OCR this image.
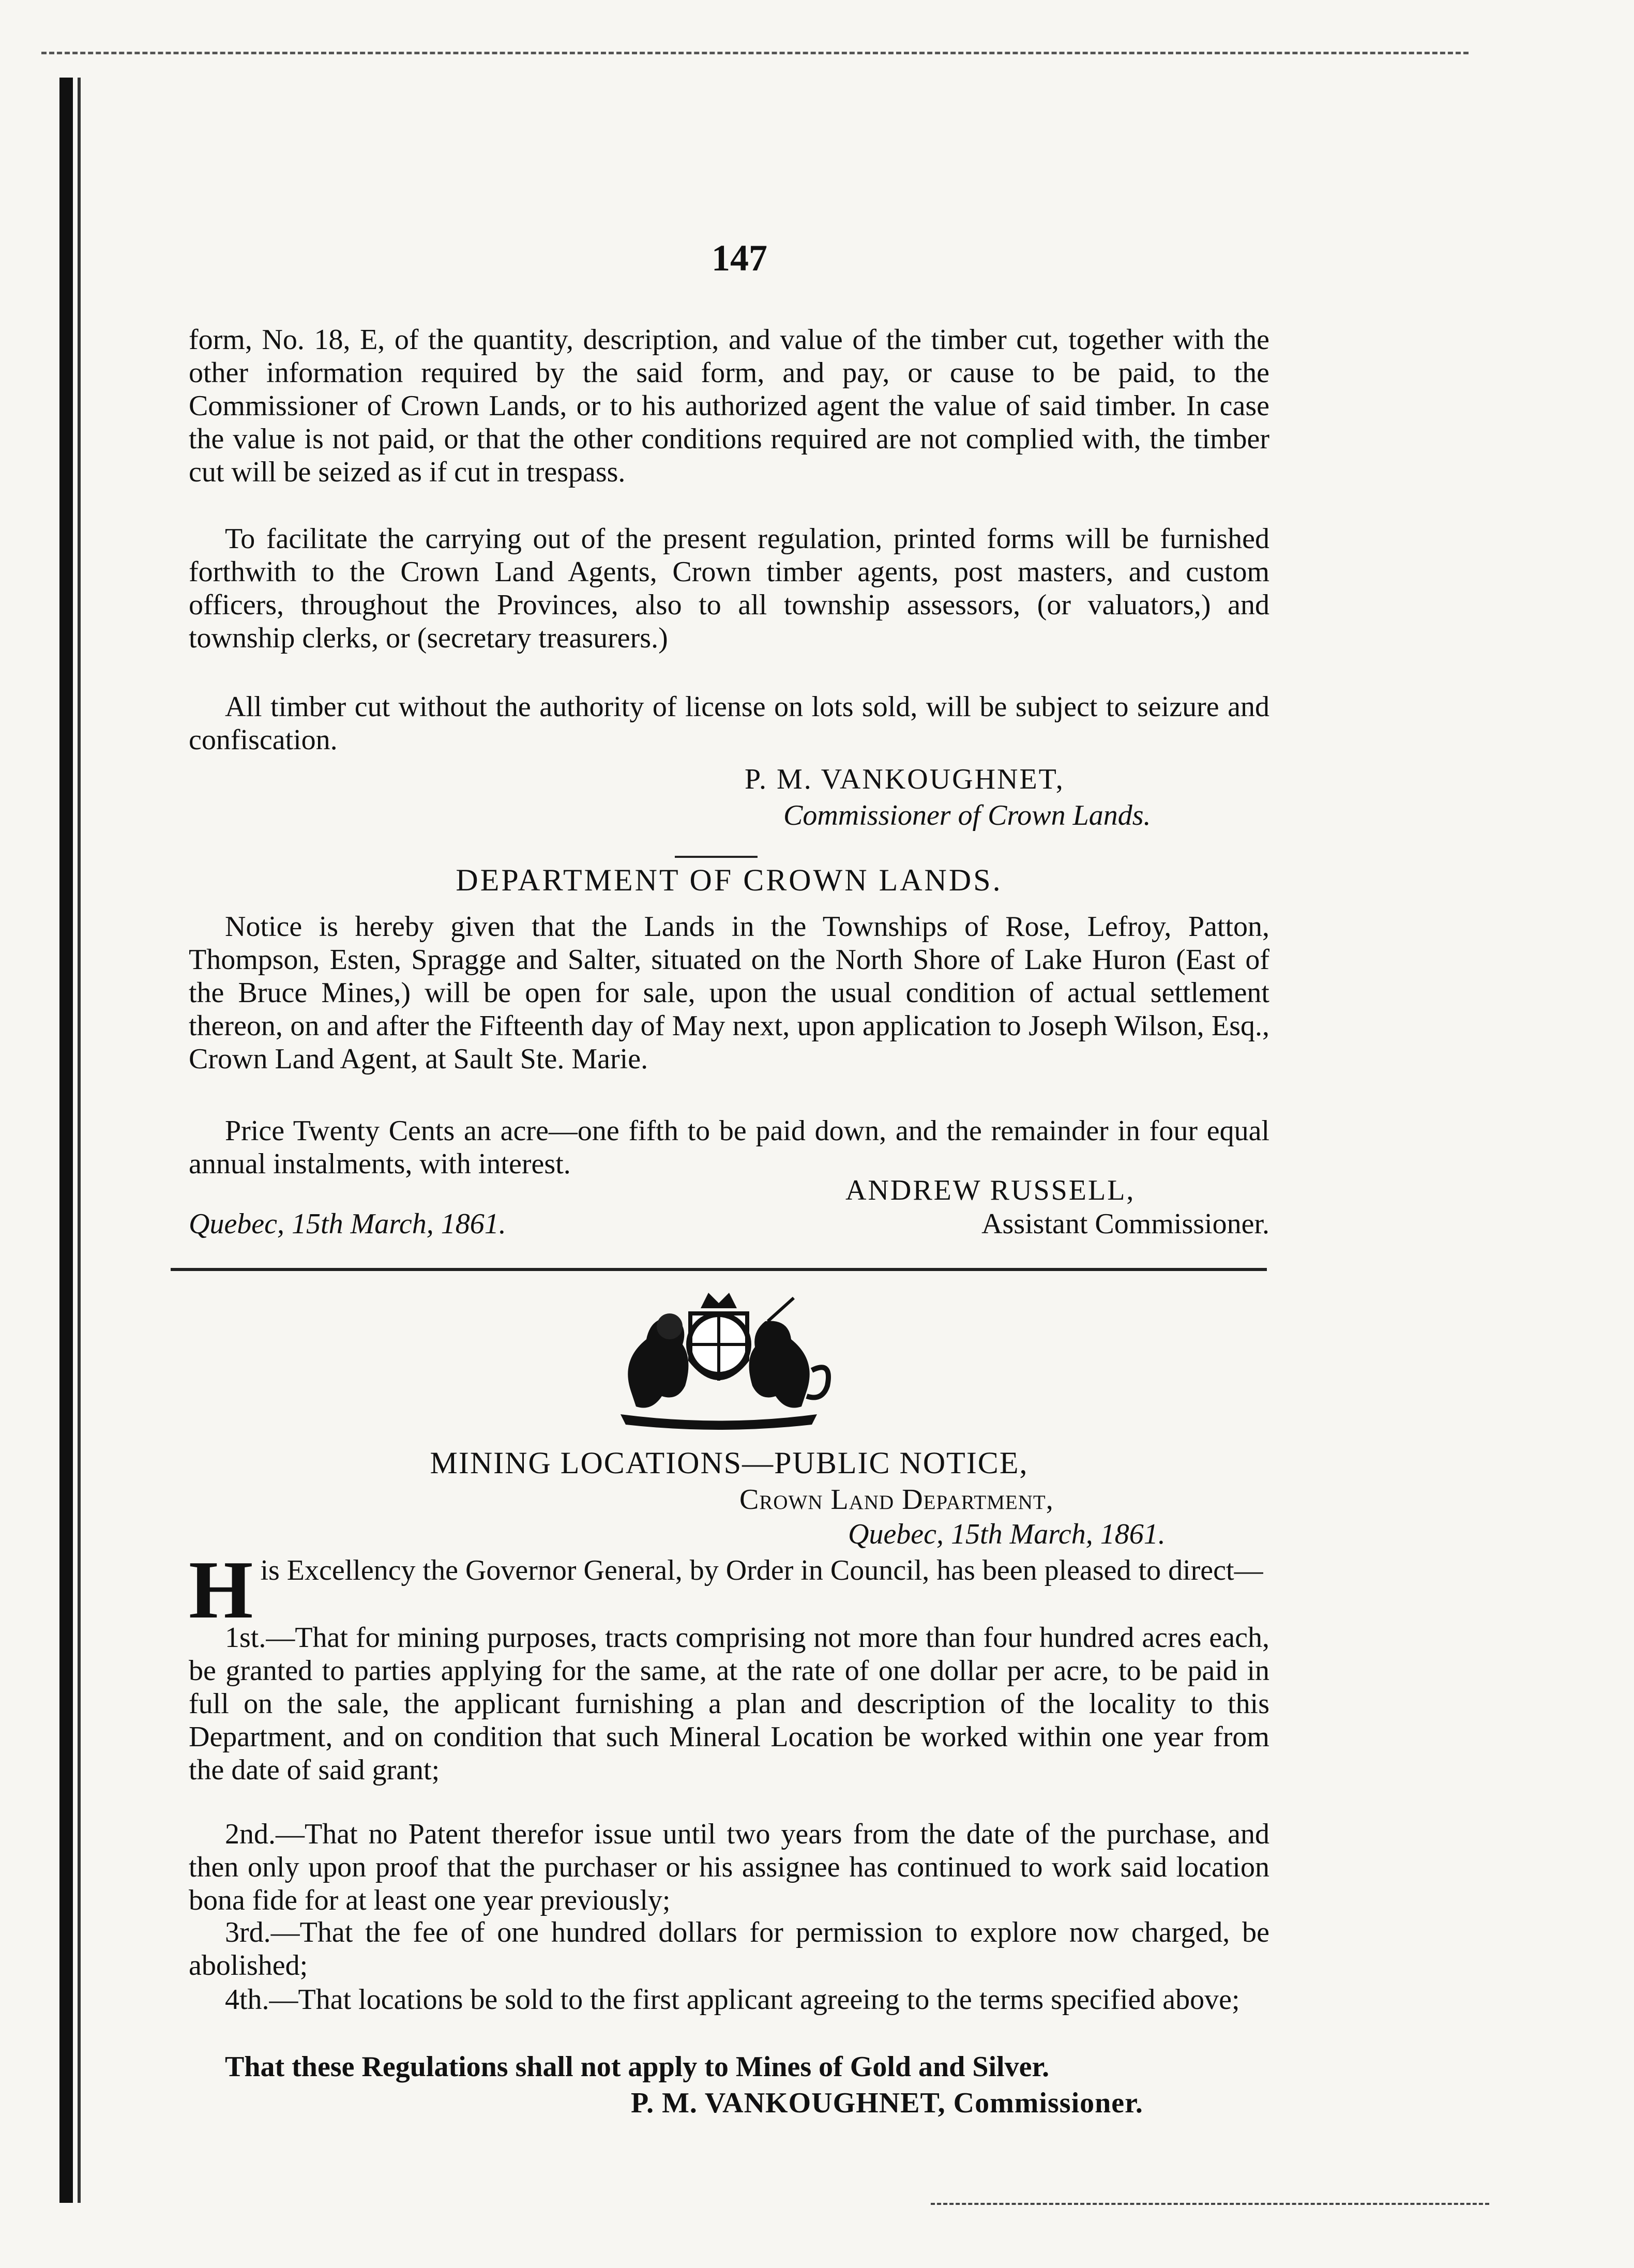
147
form, No. 18, E, of the quantity, description, and value of the timber cut, together with the other information required by the said form, and pay, or cause to be paid, to the Commissioner of Crown Lands, or to his authorized agent the value of said timber. In case the value is not paid, or that the other conditions required are not complied with, the timber cut will be seized as if cut in trespass.
To facilitate the carrying out of the present regulation, printed forms will be furnished forthwith to the Crown Land Agents, Crown timber agents, post masters, and custom officers, throughout the Provinces, also to all township assessors, (or valuators,) and township clerks, or (secretary treasurers.)
All timber cut without the authority of license on lots sold, will be subject to seizure and confiscation.
P. M. VANKOUGHNET,
Commissioner of Crown Lands.
DEPARTMENT OF CROWN LANDS.
Notice is hereby given that the Lands in the Townships of Rose, Lefroy, Patton, Thompson, Esten, Spragge and Salter, situated on the North Shore of Lake Huron (East of the Bruce Mines,) will be open for sale, upon the usual condition of actual settlement thereon, on and after the Fifteenth day of May next, upon application to Joseph Wilson, Esq., Crown Land Agent, at Sault Ste. Marie.
Price Twenty Cents an acre—one fifth to be paid down, and the remainder in four equal annual instalments, with interest.
ANDREW RUSSELL,
Quebec, 15th March, 1861.	Assistant Commissioner.
MINING LOCATIONS—PUBLIC NOTICE,
Crown Land Department,
Quebec, 15th March, 1861.
H is Excellency the Governor General, by Order in Council, has been pleased to direct—
1st.—That for mining purposes, tracts comprising not more than four hundred acres each, be granted to parties applying for the same, at the rate of one dollar per acre, to be paid in full on the sale, the applicant furnishing a plan and description of the locality to this Department, and on condition that such Mineral Location be worked within one year from the date of said grant;
2nd.—That no Patent therefor issue until two years from the date of the purchase, and then only upon proof that the purchaser or his assignee has continued to work said location bona fide for at least one year previously;
3rd.—That the fee of one hundred dollars for permission to explore now charged, be abolished;
4th.—That locations be sold to the first applicant agreeing to the terms specified above;
That these Regulations shall not apply to Mines of Gold and Silver.
P. M. VANKOUGHNET, Commissioner.
